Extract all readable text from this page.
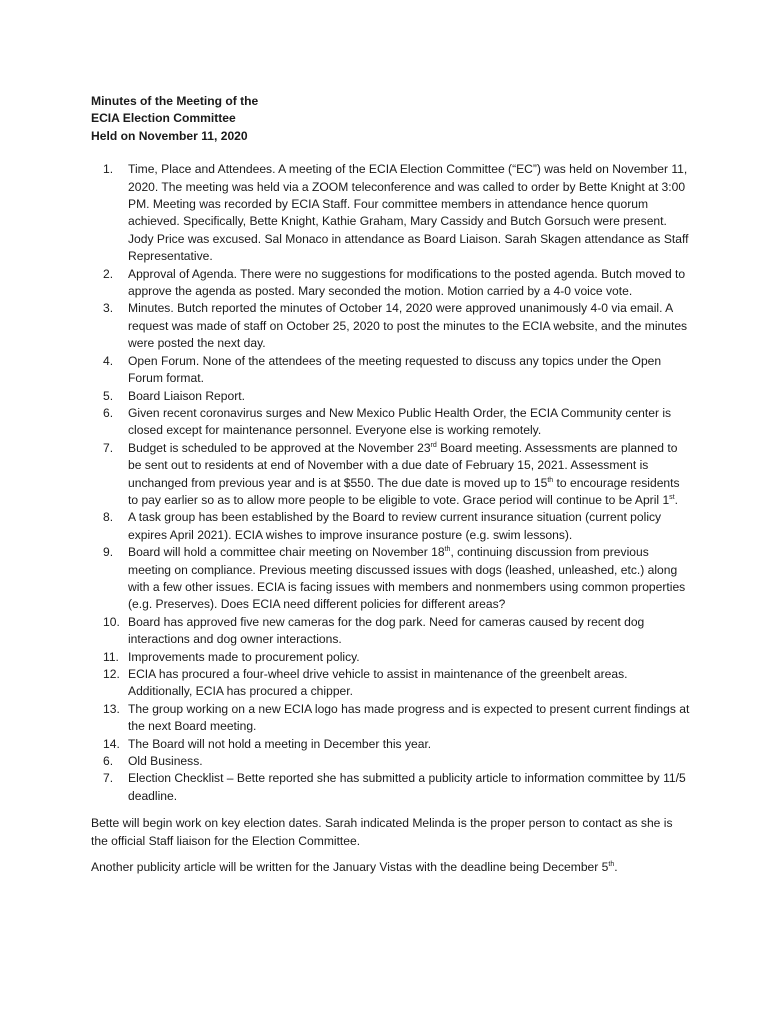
Minutes of the Meeting of the
ECIA Election Committee
Held on November 11, 2020
1.	Time, Place and Attendees. A meeting of the ECIA Election Committee (“EC”) was held on November 11, 2020. The meeting was held via a ZOOM teleconference and was called to order by Bette Knight at 3:00 PM. Meeting was recorded by ECIA Staff. Four committee members in attendance hence quorum achieved. Specifically, Bette Knight, Kathie Graham, Mary Cassidy and Butch Gorsuch were present. Jody Price was excused. Sal Monaco in attendance as Board Liaison. Sarah Skagen attendance as Staff Representative.
2.	Approval of Agenda. There were no suggestions for modifications to the posted agenda. Butch moved to approve the agenda as posted. Mary seconded the motion. Motion carried by a 4-0 voice vote.
3.	Minutes. Butch reported the minutes of October 14, 2020 were approved unanimously 4-0 via email. A request was made of staff on October 25, 2020 to post the minutes to the ECIA website, and the minutes were posted the next day.
4.	Open Forum. None of the attendees of the meeting requested to discuss any topics under the Open Forum format.
5.	Board Liaison Report.
6.	Given recent coronavirus surges and New Mexico Public Health Order, the ECIA Community center is closed except for maintenance personnel. Everyone else is working remotely.
7.	Budget is scheduled to be approved at the November 23rd Board meeting. Assessments are planned to be sent out to residents at end of November with a due date of February 15, 2021. Assessment is unchanged from previous year and is at $550. The due date is moved up to 15th to encourage residents to pay earlier so as to allow more people to be eligible to vote. Grace period will continue to be April 1st.
8.	A task group has been established by the Board to review current insurance situation (current policy expires April 2021). ECIA wishes to improve insurance posture (e.g. swim lessons).
9.	Board will hold a committee chair meeting on November 18th, continuing discussion from previous meeting on compliance. Previous meeting discussed issues with dogs (leashed, unleashed, etc.) along with a few other issues. ECIA is facing issues with members and nonmembers using common properties (e.g. Preserves). Does ECIA need different policies for different areas?
10. Board has approved five new cameras for the dog park. Need for cameras caused by recent dog interactions and dog owner interactions.
11. Improvements made to procurement policy.
12. ECIA has procured a four-wheel drive vehicle to assist in maintenance of the greenbelt areas. Additionally, ECIA has procured a chipper.
13. The group working on a new ECIA logo has made progress and is expected to present current findings at the next Board meeting.
14. The Board will not hold a meeting in December this year.
6.	Old Business.
7.	Election Checklist – Bette reported she has submitted a publicity article to information committee by 11/5 deadline.

Bette will begin work on key election dates. Sarah indicated Melinda is the proper person to contact as she is the official Staff liaison for the Election Committee.

Another publicity article will be written for the January Vistas with the deadline being December 5th.
